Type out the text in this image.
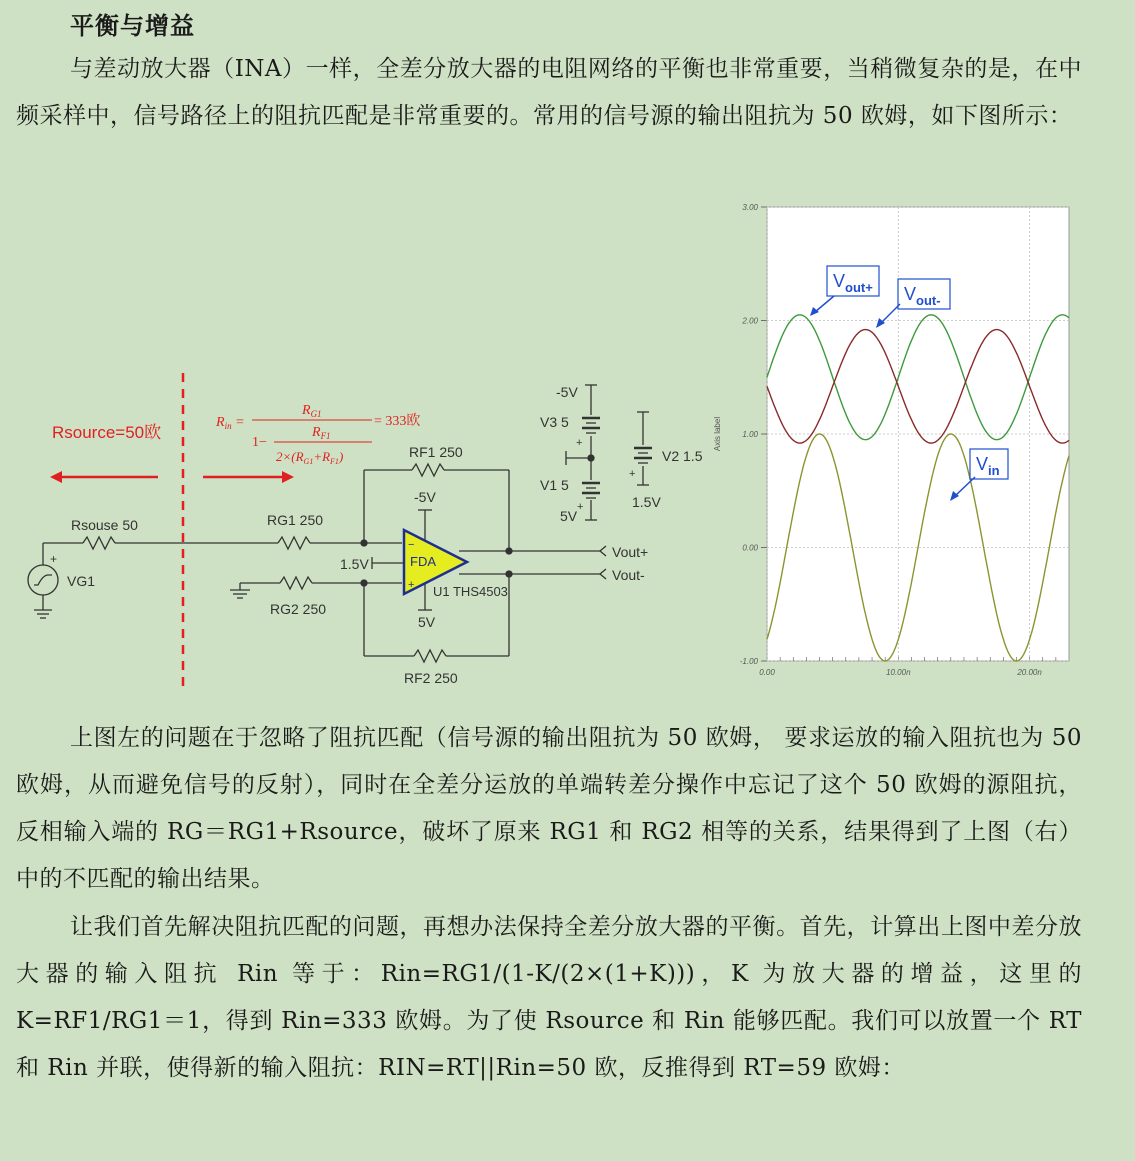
平衡与增益

与差动放大器（INA）一样，全差分放大器的电阻网络的平衡也非常重要，当稍微复杂的是，在中频采样中，信号路径上的阻抗匹配是非常重要的。常用的信号源的输出阻抗为 50 欧姆，如下图所示：

Rsource=50欧
Rsouse 50
VG1
+
RG1 250
RG2 250
RF1 250
RF2 250
-5V
5V
1.5V
−
+
FDA
U1 THS4503
Vout+
Vout-
-5V
V3 5
V1 5
5V
+
+
+
V2 1.5
1.5V
$R_{in}$ =
$R_{G1}$
1−
$R_{F1}$
$2\times(R_{G1}+R_{F1})$
= 333欧
3.00
2.00
1.00
0.00
-1.00
0.00	10.00n	20.00n
Axis label
$V_{out+}$ $V_{out-}$
$V_{in}$

上图左的问题在于忽略了阻抗匹配（信号源的输出阻抗为 50 欧姆， 要求运放的输入阻抗也为 50 欧姆，从而避免信号的反射），同时在全差分运放的单端转差分操作中忘记了这个 50 欧姆的源阻抗，反相输入端的 RG＝RG1+Rsource，破坏了原来 RG1 和 RG2 相等的关系，结果得到了上图（右）中的不匹配的输出结果。

让我们首先解决阻抗匹配的问题，再想办法保持全差分放大器的平衡。首先，计算出上图中差分放大器的输入阻抗 Rin 等于：Rin=RG1/(1-K/(2×(1+K)))，K 为放大器的增益，这里的 K=RF1/RG1＝1，得到 Rin=333 欧姆。为了使 Rsource 和 Rin 能够匹配。我们可以放置一个 RT 和 Rin 并联，使得新的输入阻抗：RIN=RT||Rin=50 欧，反推得到 RT=59 欧姆：
